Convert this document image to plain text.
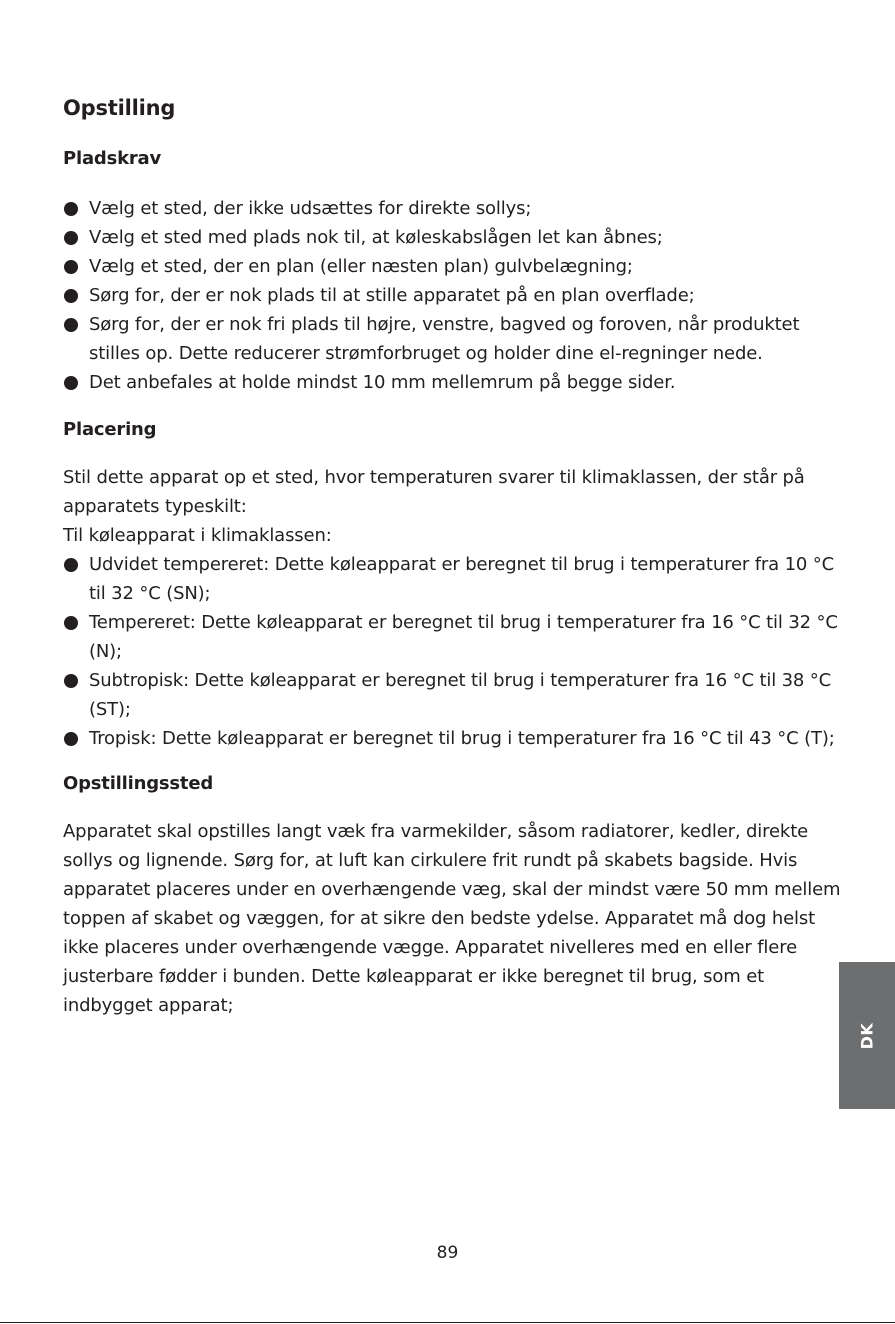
Opstilling
Pladskrav
Vælg et sted, der ikke udsættes for direkte sollys;
Vælg et sted med plads nok til, at køleskabslågen let kan åbnes;
Vælg et sted, der en plan (eller næsten plan) gulvbelægning;
Sørg for, der er nok plads til at stille apparatet på en plan overflade;
Sørg for, der er nok fri plads til højre, venstre, bagved og foroven, når produktet stilles op. Dette reducerer strømforbruget og holder dine el-regninger nede.
Det anbefales at holde mindst 10 mm mellemrum på begge sider.
Placering

Stil dette apparat op et sted, hvor temperaturen svarer til klimaklassen, der står på apparatets typeskilt:

Til køleapparat i klimaklassen:

Udvidet tempereret: Dette køleapparat er beregnet til brug i temperaturer fra 10 °C til 32 °C (SN);
Tempereret: Dette køleapparat er beregnet til brug i temperaturer fra 16 °C til 32 °C (N);
Subtropisk: Dette køleapparat er beregnet til brug i temperaturer fra 16 °C til 38 °C (ST);
Tropisk: Dette køleapparat er beregnet til brug i temperaturer fra 16 °C til 43 °C (T);
Opstillingssted

Apparatet skal opstilles langt væk fra varmekilder, såsom radiatorer, kedler, direkte sollys og lignende. Sørg for, at luft kan cirkulere frit rundt på skabets bagside. Hvis apparatet placeres under en overhængende væg, skal der mindst være 50 mm mellem toppen af skabet og væggen, for at sikre den bedste ydelse. Apparatet må dog helst ikke placeres under overhængende vægge. Apparatet nivelleres med en eller flere justerbare fødder i bunden. Dette køleapparat er ikke beregnet til brug, som et indbygget apparat;

DK
89
